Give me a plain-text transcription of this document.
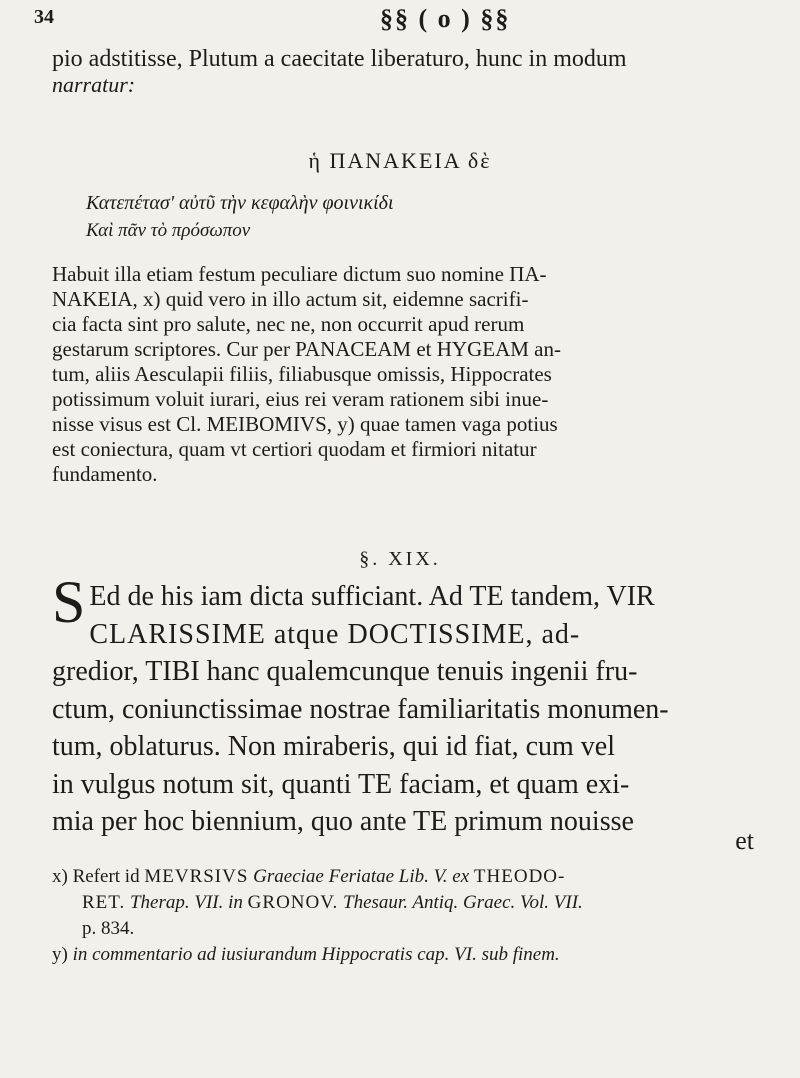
34	§§ ( o ) §§
pio adstitisse, Plutum a caecitate liberaturo, hunc in modum
narratur:
ἡ ΠΑΝΑΚΕΙΑ δὲ
Κατεπέτασ' αὐτῦ τὴν κεφαλὴν φοινικίδι
Καὶ πᾶν τὸ πρόσωπον

Habuit illa etiam festum peculiare dictum suo nomine ΠΑ-

ΝΑΚΕΙΑ, x) quid vero in illo actum sit, eidemne sacrifi-

cia facta sint pro salute, nec ne, non occurrit apud rerum

gestarum scriptores. Cur per PANACEAM et HYGEAM an-

tum, aliis Aesculapii filiis, filiabusque omissis, Hippocrates

potissimum voluit iurari, eius rei veram rationem sibi inue-

nisse visus est Cl. MEIBOMIVS, y) quae tamen vaga potius

est coniectura, quam vt certiori quodam et firmiori nitatur

fundamento.

§. XIX.
S Ed de his iam dicta sufficiant. Ad TE tandem, VIR

CLARISSIME atque DOCTISSIME, ad-

gredior, TIBI hanc qualemcunque tenuis ingenii fru-

ctum, coniunctissimae nostrae familiaritatis monumen-

tum, oblaturus. Non miraberis, qui id fiat, cum vel

in vulgus notum sit, quanti TE faciam, et quam exi-

mia per hoc biennium, quo ante TE primum nouisse

et

x) Refert id MEVRSIVS Graeciae Feriatae Lib. V. ex THEODO-

RET. Therap. VII. in GRONOV. Thesaur. Antiq. Graec. Vol. VII.

p. 834.

y) in commentario ad iusiurandum Hippocratis cap. VI. sub finem.
